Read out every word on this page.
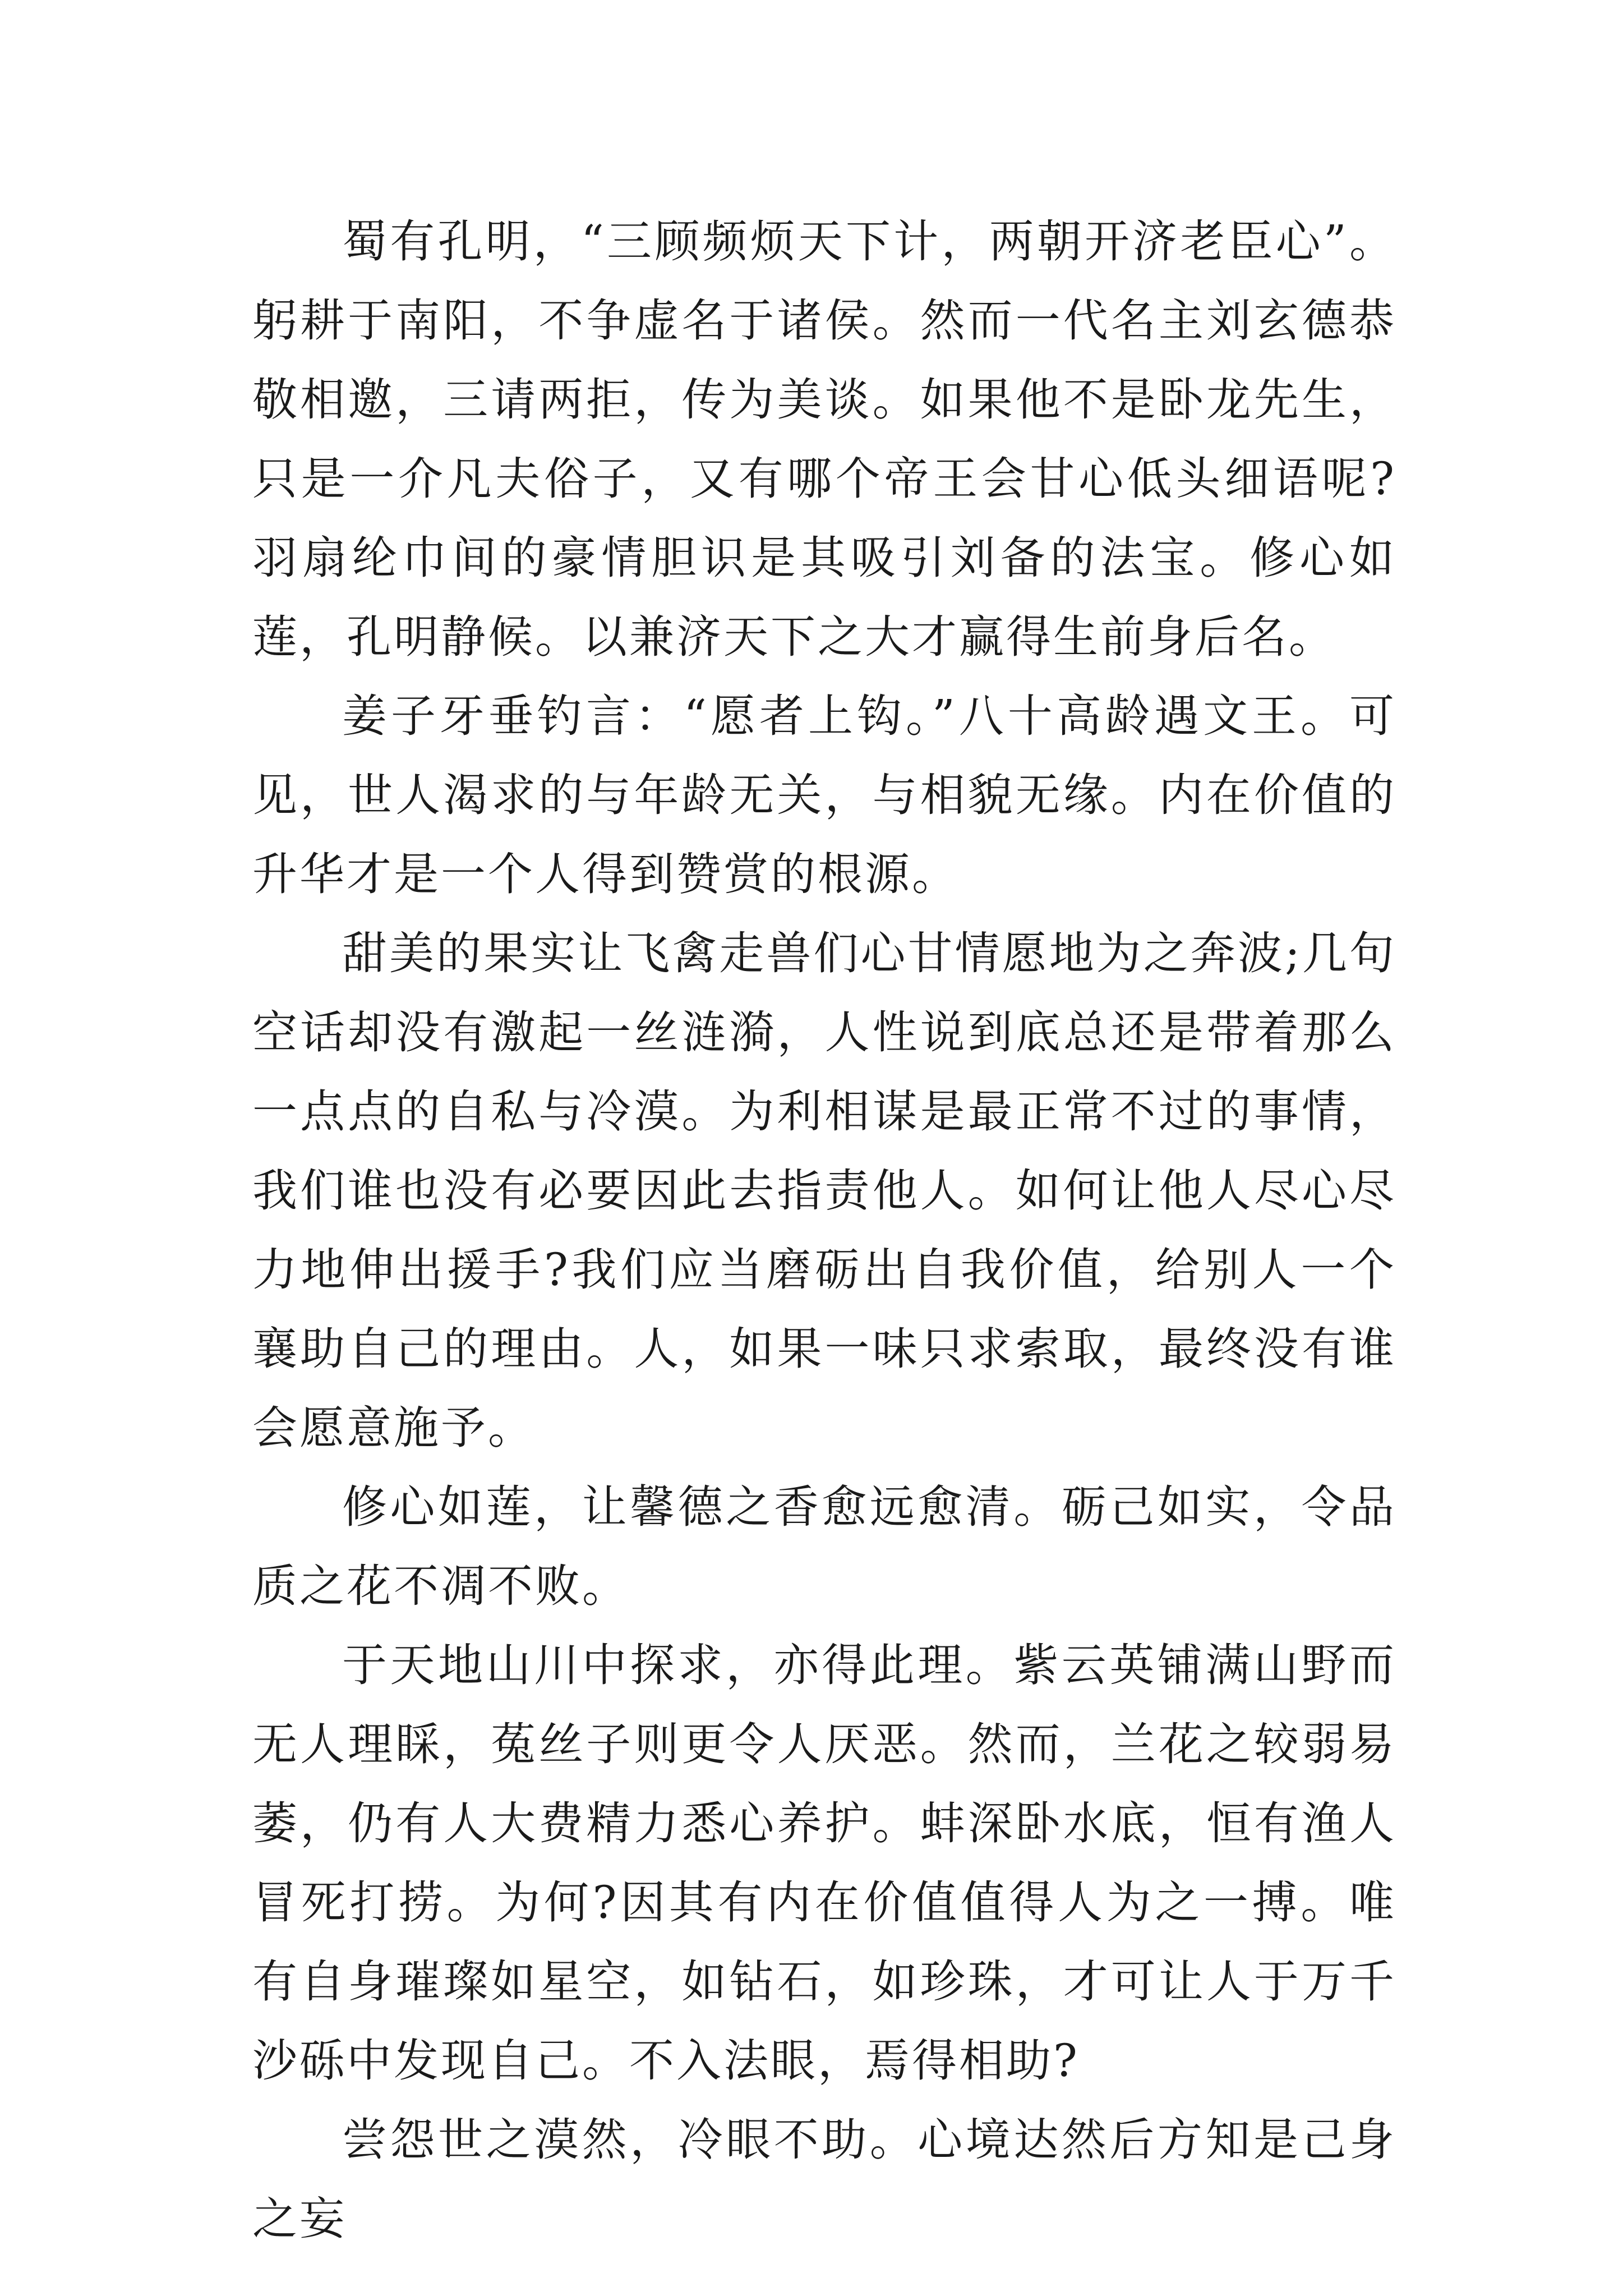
蜀有孔明，“三顾频烦天下计，两朝开济老臣心”。躬耕于南阳，不争虚名于诸侯。然而一代名主刘玄德恭敬相邀，三请两拒，传为美谈。如果他不是卧龙先生，只是一介凡夫俗子，又有哪个帝王会甘心低头细语呢?羽扇纶巾间的豪情胆识是其吸引刘备的法宝。修心如莲，孔明静候。以兼济天下之大才赢得生前身后名。

姜子牙垂钓言：“愿者上钩。”八十高龄遇文王。可见，世人渴求的与年龄无关，与相貌无缘。内在价值的升华才是一个人得到赞赏的根源。

甜美的果实让飞禽走兽们心甘情愿地为之奔波;几句空话却没有激起一丝涟漪，人性说到底总还是带着那么一点点的自私与冷漠。为利相谋是最正常不过的事情，我们谁也没有必要因此去指责他人。如何让他人尽心尽力地伸出援手?我们应当磨砺出自我价值，给别人一个襄助自己的理由。人，如果一味只求索取，最终没有谁会愿意施予。

修心如莲，让馨德之香愈远愈清。砺己如实，令品质之花不凋不败。

于天地山川中探求，亦得此理。紫云英铺满山野而无人理睬，菟丝子则更令人厌恶。然而，兰花之较弱易萎，仍有人大费精力悉心养护。蚌深卧水底，恒有渔人冒死打捞。为何?因其有内在价值值得人为之一搏。唯有自身璀璨如星空，如钻石，如珍珠，才可让人于万千沙砾中发现自己。不入法眼，焉得相助?

尝怨世之漠然，冷眼不助。心境达然后方知是己身之妄
